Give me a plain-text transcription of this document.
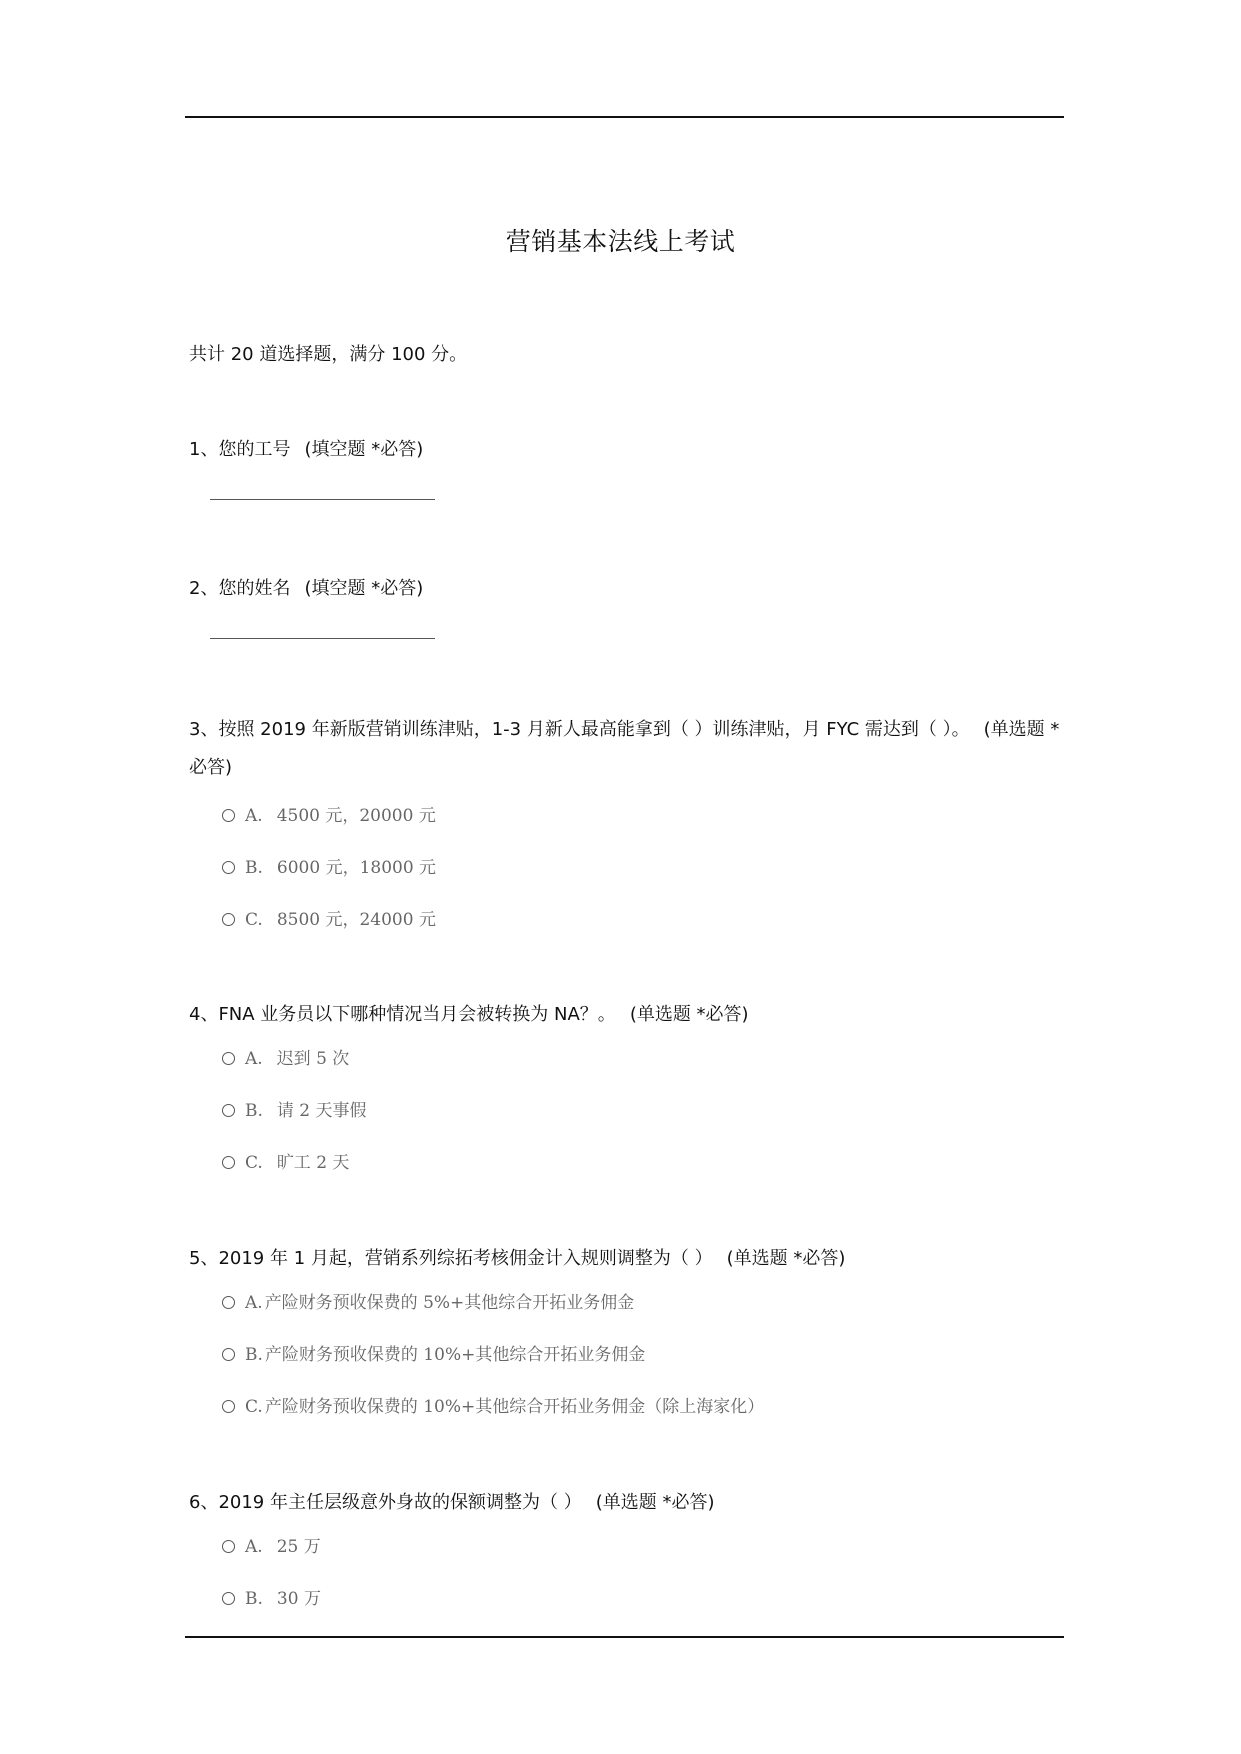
营销基本法线上考试
共计 20 道选择题，满分 100 分。
1、您的工号 (填空题 *必答)
2、您的姓名 (填空题 *必答)
3、按照 2019 年新版营销训练津贴，1-3 月新人最高能拿到（ ）训练津贴，月 FYC 需达到（ ）。 (单选题 *必答)
A. 4500 元，20000 元
B. 6000 元，18000 元
C. 8500 元，24000 元
4、FNA 业务员以下哪种情况当月会被转换为 NA？。 (单选题 *必答)
A. 迟到 5 次
B. 请 2 天事假
C. 旷工 2 天
5、2019 年 1 月起，营销系列综拓考核佣金计入规则调整为（ ） (单选题 *必答)
A. 产险财务预收保费的 5%+其他综合开拓业务佣金
B. 产险财务预收保费的 10%+其他综合开拓业务佣金
C. 产险财务预收保费的 10%+其他综合开拓业务佣金（除上海家化）
6、2019 年主任层级意外身故的保额调整为（ ） (单选题 *必答)
A. 25 万
B. 30 万
